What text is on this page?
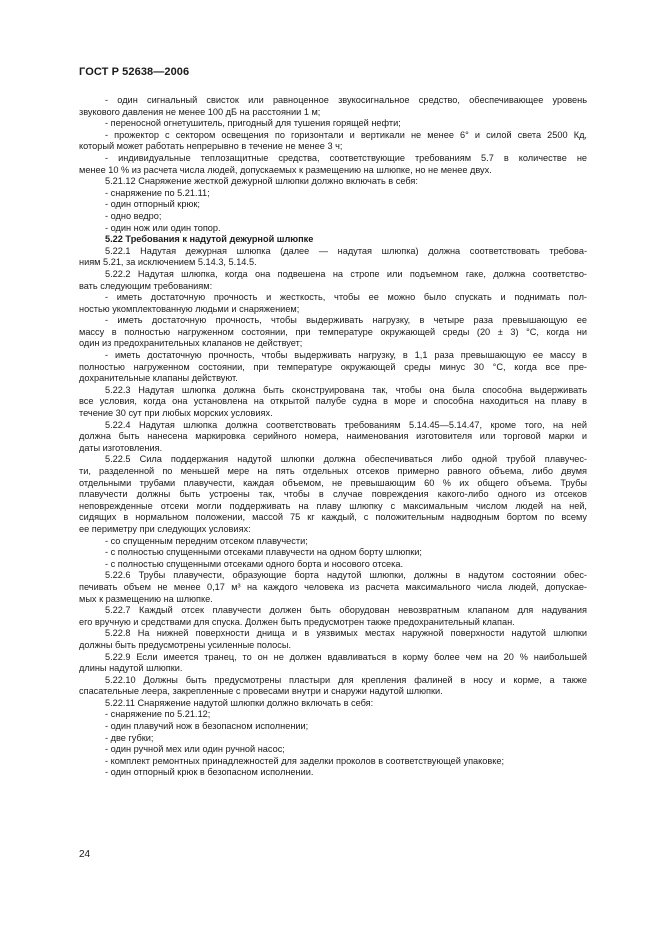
ГОСТ Р 52638—2006
- один сигнальный свисток или равноценное звукосигнальное средство, обеспечивающее уровень
звукового давления не менее 100 дБ на расстоянии 1 м;
- переносной огнетушитель, пригодный для тушения горящей нефти;
- прожектор с сектором освещения по горизонтали и вертикали не менее 6° и силой света 2500 Кд,
который может работать непрерывно в течение не менее 3 ч;
- индивидуальные теплозащитные средства, соответствующие требованиям 5.7 в количестве не
менее 10 % из расчета числа людей, допускаемых к размещению на шлюпке, но не менее двух.
5.21.12 Снаряжение жесткой дежурной шлюпки должно включать в себя:
- снаряжение по 5.21.11;
- один отпорный крюк;
- одно ведро;
- один нож или один топор.
5.22 Требования к надутой дежурной шлюпке
5.22.1 Надутая дежурная шлюпка (далее — надутая шлюпка) должна соответствовать требова-
ниям 5.21, за исключением 5.14.3, 5.14.5.
5.22.2 Надутая шлюпка, когда она подвешена на стропе или подъемном гаке, должна соответство-
вать следующим требованиям:
- иметь достаточную прочность и жесткость, чтобы ее можно было спускать и поднимать пол-
ностью укомплектованную людьми и снаряжением;
- иметь достаточную прочность, чтобы выдерживать нагрузку, в четыре раза превышающую ее
массу в полностью нагруженном состоянии, при температуре окружающей среды (20 ± 3) °С, когда ни
один из предохранительных клапанов не действует;
- иметь достаточную прочность, чтобы выдерживать нагрузку, в 1,1 раза превышающую ее массу в
полностью нагруженном состоянии, при температуре окружающей среды минус 30 °С, когда все пре-
дохранительные клапаны действуют.
5.22.3 Надутая шлюпка должна быть сконструирована так, чтобы она была способна выдерживать
все условия, когда она установлена на открытой палубе судна в море и способна находиться на плаву в
течение 30 сут при любых морских условиях.
5.22.4 Надутая шлюпка должна соответствовать требованиям 5.14.45—5.14.47, кроме того, на ней
должна быть нанесена маркировка серийного номера, наименования изготовителя или торговой марки и
даты изготовления.
5.22.5 Сила поддержания надутой шлюпки должна обеспечиваться либо одной трубой плавучес-
ти, разделенной по меньшей мере на пять отдельных отсеков примерно равного объема, либо двумя
отдельными трубами плавучести, каждая объемом, не превышающим 60 % их общего объема. Трубы
плавучести должны быть устроены так, чтобы в случае повреждения какого-либо одного из отсеков
неповрежденные отсеки могли поддерживать на плаву шлюпку с максимальным числом людей на ней,
сидящих в нормальном положении, массой 75 кг каждый, с положительным надводным бортом по всему
ее периметру при следующих условиях:
- со спущенным передним отсеком плавучести;
- с полностью спущенными отсеками плавучести на одном борту шлюпки;
- с полностью спущенными отсеками одного борта и носового отсека.
5.22.6 Трубы плавучести, образующие борта надутой шлюпки, должны в надутом состоянии обес-
печивать объем не менее 0,17 м³ на каждого человека из расчета максимального числа людей, допускае-
мых к размещению на шлюпке.
5.22.7 Каждый отсек плавучести должен быть оборудован невозвратным клапаном для надувания
его вручную и средствами для спуска. Должен быть предусмотрен также предохранительный клапан.
5.22.8 На нижней поверхности днища и в уязвимых местах наружной поверхности надутой шлюпки
должны быть предусмотрены усиленные полосы.
5.22.9 Если имеется транец, то он не должен вдавливаться в корму более чем на 20 % наибольшей
длины надутой шлюпки.
5.22.10 Должны быть предусмотрены пластыри для крепления фалиней в носу и корме, а также
спасательные леера, закрепленные с провесами внутри и снаружи надутой шлюпки.
5.22.11 Снаряжение надутой шлюпки должно включать в себя:
- снаряжение по 5.21.12;
- один плавучий нож в безопасном исполнении;
- две губки;
- один ручной мех или один ручной насос;
- комплект ремонтных принадлежностей для заделки проколов в соответствующей упаковке;
- один отпорный крюк в безопасном исполнении.
24
